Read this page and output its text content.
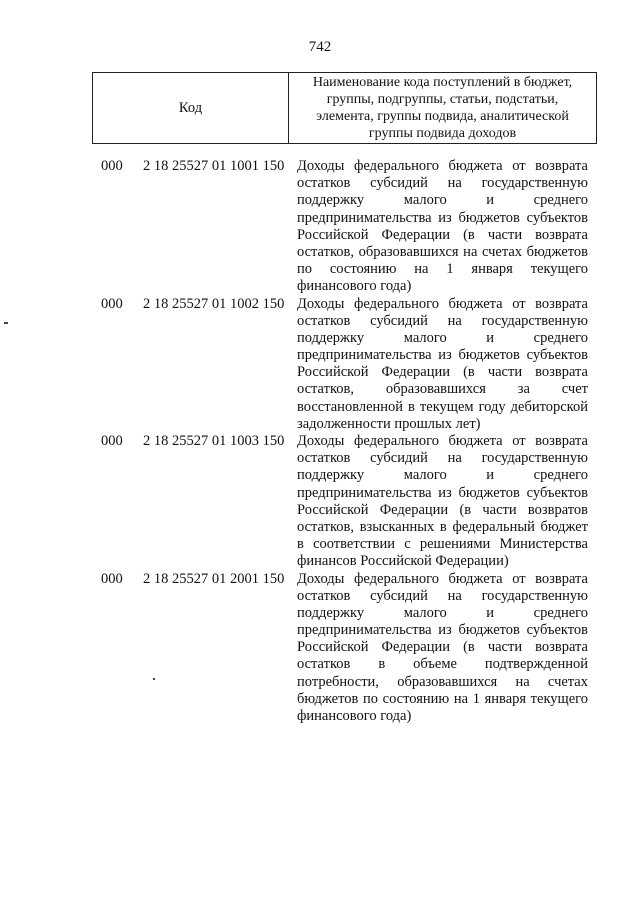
742
Код
Наименование кода поступлений в бюджет,
группы, подгруппы, статьи, подстатьи,
элемента, группы подвида, аналитической
группы подвида доходов
000 2 18 25527 01 1001 150 Доходы федерального бюджета от возврата
остатков субсидий на государственную
поддержку малого и среднего
предпринимательства из бюджетов субъектов
Российской Федерации (в части возврата
остатков, образовавшихся на счетах бюджетов
по состоянию на 1 января текущего
финансового года)
000 2 18 25527 01 1002 150 Доходы федерального бюджета от возврата
остатков субсидий на государственную
поддержку малого и среднего
предпринимательства из бюджетов субъектов
Российской Федерации (в части возврата
остатков, образовавшихся за счет
восстановленной в текущем году дебиторской
задолженности прошлых лет)
000 2 18 25527 01 1003 150 Доходы федерального бюджета от возврата
остатков субсидий на государственную
поддержку малого и среднего
предпринимательства из бюджетов субъектов
Российской Федерации (в части возвратов
остатков, взысканных в федеральный бюджет
в соответствии с решениями Министерства
финансов Российской Федерации)
000 2 18 25527 01 2001 150 Доходы федерального бюджета от возврата
остатков субсидий на государственную
поддержку малого и среднего
предпринимательства из бюджетов субъектов
Российской Федерации (в части возврата
остатков в объеме подтвержденной
потребности, образовавшихся на счетах
бюджетов по состоянию на 1 января текущего
финансового года)
